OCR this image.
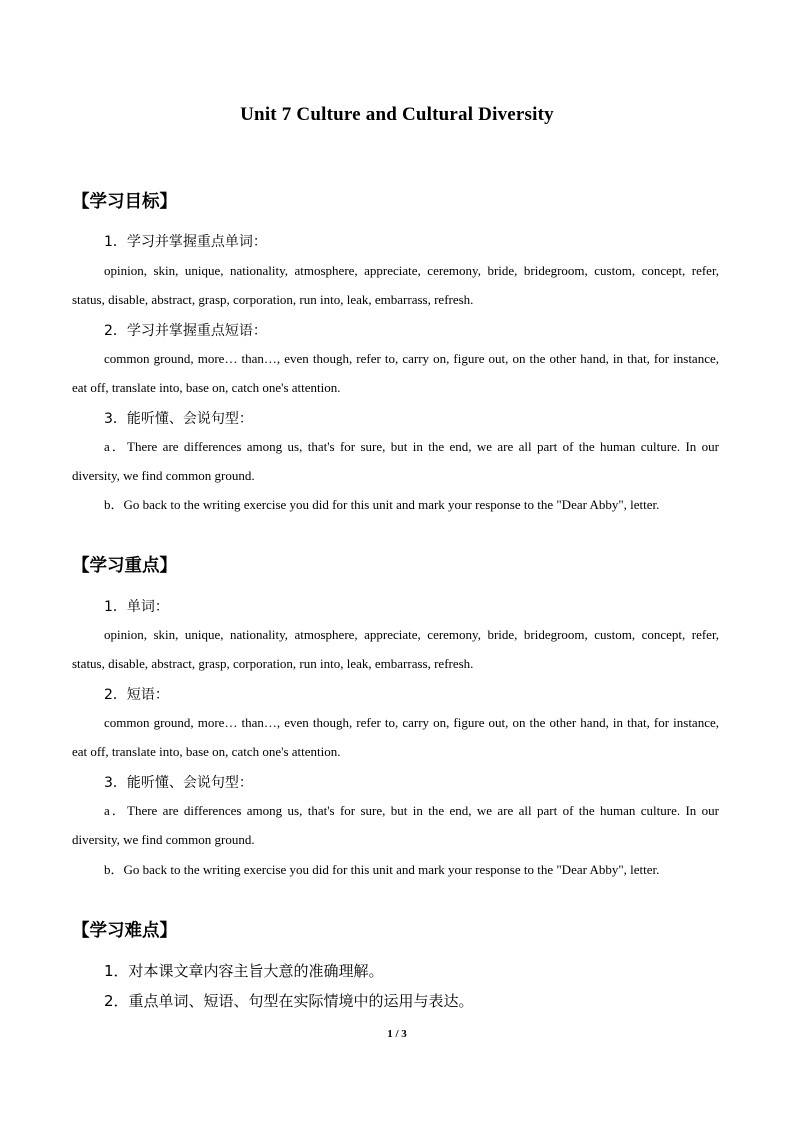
Unit 7 Culture and Cultural Diversity
【学习目标】
1．学习并掌握重点单词：
opinion, skin, unique, nationality, atmosphere, appreciate, ceremony, bride, bridegroom, custom, concept, refer, status, disable, abstract, grasp, corporation, run into, leak, embarrass, refresh.
2．学习并掌握重点短语：
common ground, more… than…, even though, refer to, carry on, figure out, on the other hand, in that, for instance, eat off, translate into, base on, catch one's attention.
3．能听懂、会说句型：
a．There are differences among us, that's for sure, but in the end, we are all part of the human culture. In our diversity, we find common ground.
b．Go back to the writing exercise you did for this unit and mark your response to the "Dear Abby", letter.
【学习重点】
1．单词：
opinion, skin, unique, nationality, atmosphere, appreciate, ceremony, bride, bridegroom, custom, concept, refer, status, disable, abstract, grasp, corporation, run into, leak, embarrass, refresh.
2．短语：
common ground, more… than…, even though, refer to, carry on, figure out, on the other hand, in that, for instance, eat off, translate into, base on, catch one's attention.
3．能听懂、会说句型：
a．There are differences among us, that's for sure, but in the end, we are all part of the human culture. In our diversity, we find common ground.
b．Go back to the writing exercise you did for this unit and mark your response to the "Dear Abby", letter.
【学习难点】
1．对本课文章内容主旨大意的准确理解。
2．重点单词、短语、句型在实际情境中的运用与表达。
1 / 3
